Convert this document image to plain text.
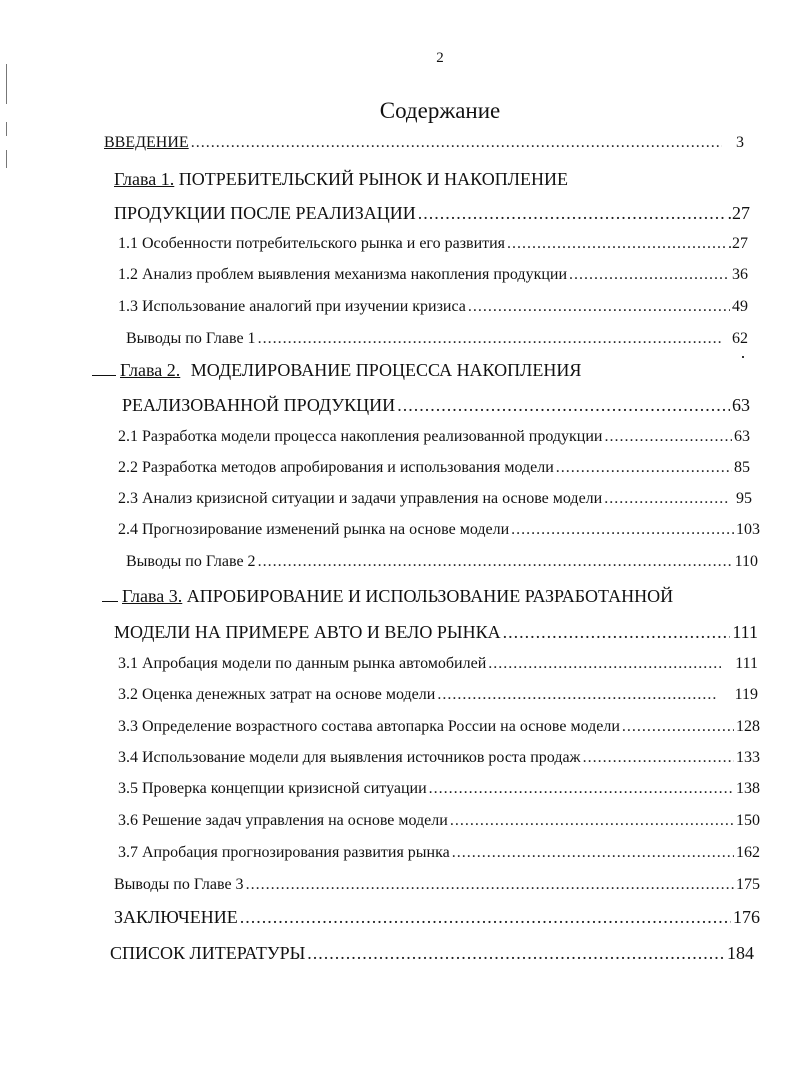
2
Содержание
ВВЕДЕНИЕ .....	3
Глава 1. ПОТРЕБИТЕЛЬСКИЙ РЫНОК И НАКОПЛЕНИЕ
ПРОДУКЦИИ ПОСЛЕ РЕАЛИЗАЦИИ .....	.27
1.1 Особенности потребительского рынка и его развития .....	.27
1.2 Анализ проблем выявления механизма накопления продукции .....	36
1.3 Использование аналогий при изучении кризиса .....	49
Выводы по Главе 1 .....	62
Глава 2. МОДЕЛИРОВАНИЕ ПРОЦЕССА НАКОПЛЕНИЯ
РЕАЛИЗОВАННОЙ ПРОДУКЦИИ .....	63
2.1 Разработка модели процесса накопления реализованной продукции .....	63
2.2 Разработка методов апробирования и использования модели .....	85
2.3 Анализ кризисной ситуации и задачи управления на основе модели .....	95
2.4 Прогнозирование изменений рынка на основе модели .....	103
Выводы по Главе 2 .....	110
Глава 3. АПРОБИРОВАНИЕ И ИСПОЛЬЗОВАНИЕ РАЗРАБОТАННОЙ
МОДЕЛИ НА ПРИМЕРЕ АВТО И ВЕЛО РЫНКА .....	111
3.1 Апробация модели по данным рынка автомобилей .....	111
3.2 Оценка денежных затрат на основе модели .....	119
3.3 Определение возрастного состава автопарка России на основе модели .....	128
3.4 Использование модели для выявления источников роста продаж .....	133
3.5 Проверка концепции кризисной ситуации .....	138
3.6 Решение задач управления на основе модели .....	150
3.7 Апробация прогнозирования развития рынка .....	162
Выводы по Главе 3 .....	175
ЗАКЛЮЧЕНИЕ .....	176
СПИСОК ЛИТЕРАТУРЫ .....	184
